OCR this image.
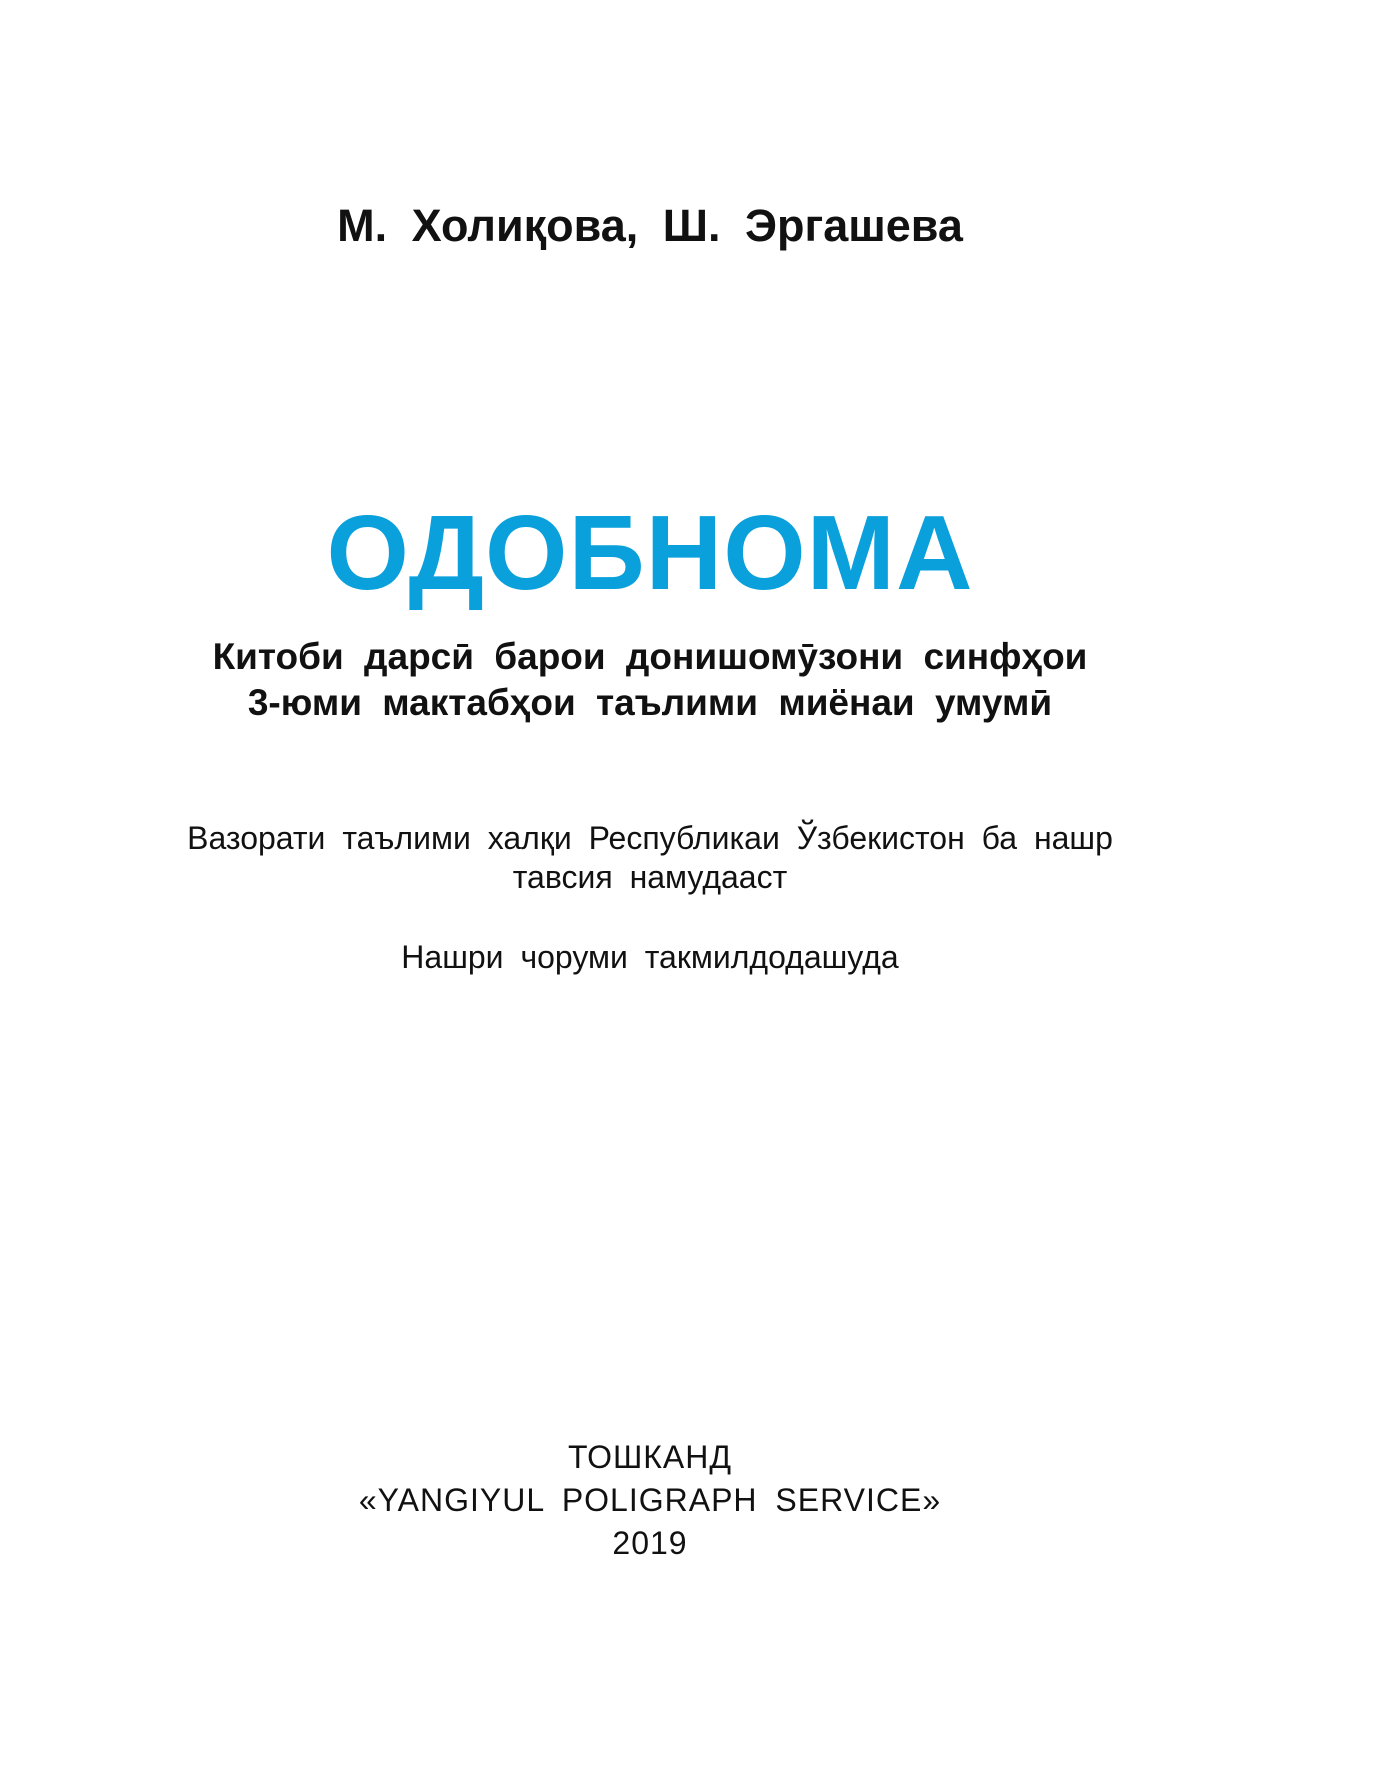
М. Холиқова, Ш. Эргашева
ОДОБНОМА
Китоби дарсӣ барои донишомӯзони синфҳои
3-юми мактабҳои таълими миёнаи умумӣ
Вазорати таълими халқи Республикаи Ўзбекистон ба нашр
тавсия намудааст
Нашри чоруми такмилдодашуда
ТОШКАНД
«YANGIYUL POLIGRAPH SERVICE»
2019
